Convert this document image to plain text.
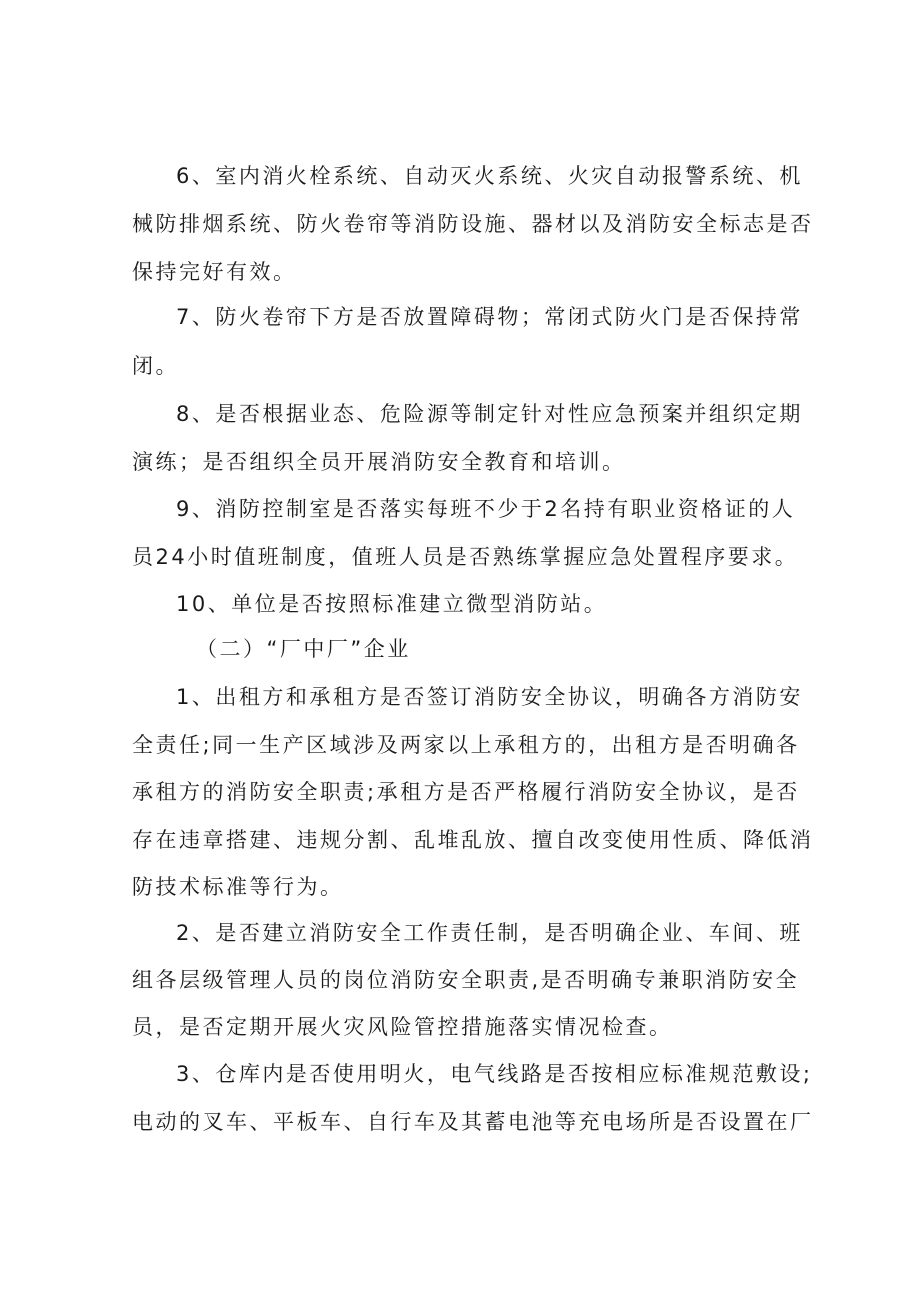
6、室内消火栓系统、自动灭火系统、火灾自动报警系统、机
械防排烟系统、防火卷帘等消防设施、器材以及消防安全标志是否
保持完好有效。
7、防火卷帘下方是否放置障碍物；常闭式防火门是否保持常
闭。
8、是否根据业态、危险源等制定针对性应急预案并组织定期
演练；是否组织全员开展消防安全教育和培训。
9、消防控制室是否落实每班不少于2名持有职业资格证的人
员24小时值班制度，值班人员是否熟练掌握应急处置程序要求。
10、单位是否按照标准建立微型消防站。
（二）“厂中厂”企业
1、出租方和承租方是否签订消防安全协议，明确各方消防安
全责任;同一生产区域涉及两家以上承租方的，出租方是否明确各
承租方的消防安全职责;承租方是否严格履行消防安全协议，是否
存在违章搭建、违规分割、乱堆乱放、擅自改变使用性质、降低消
防技术标准等行为。
2、是否建立消防安全工作责任制，是否明确企业、车间、班
组各层级管理人员的岗位消防安全职责,是否明确专兼职消防安全
员，是否定期开展火灾风险管控措施落实情况检查。
3、仓库内是否使用明火，电气线路是否按相应标准规范敷设;
电动的叉车、平板车、自行车及其蓄电池等充电场所是否设置在厂
